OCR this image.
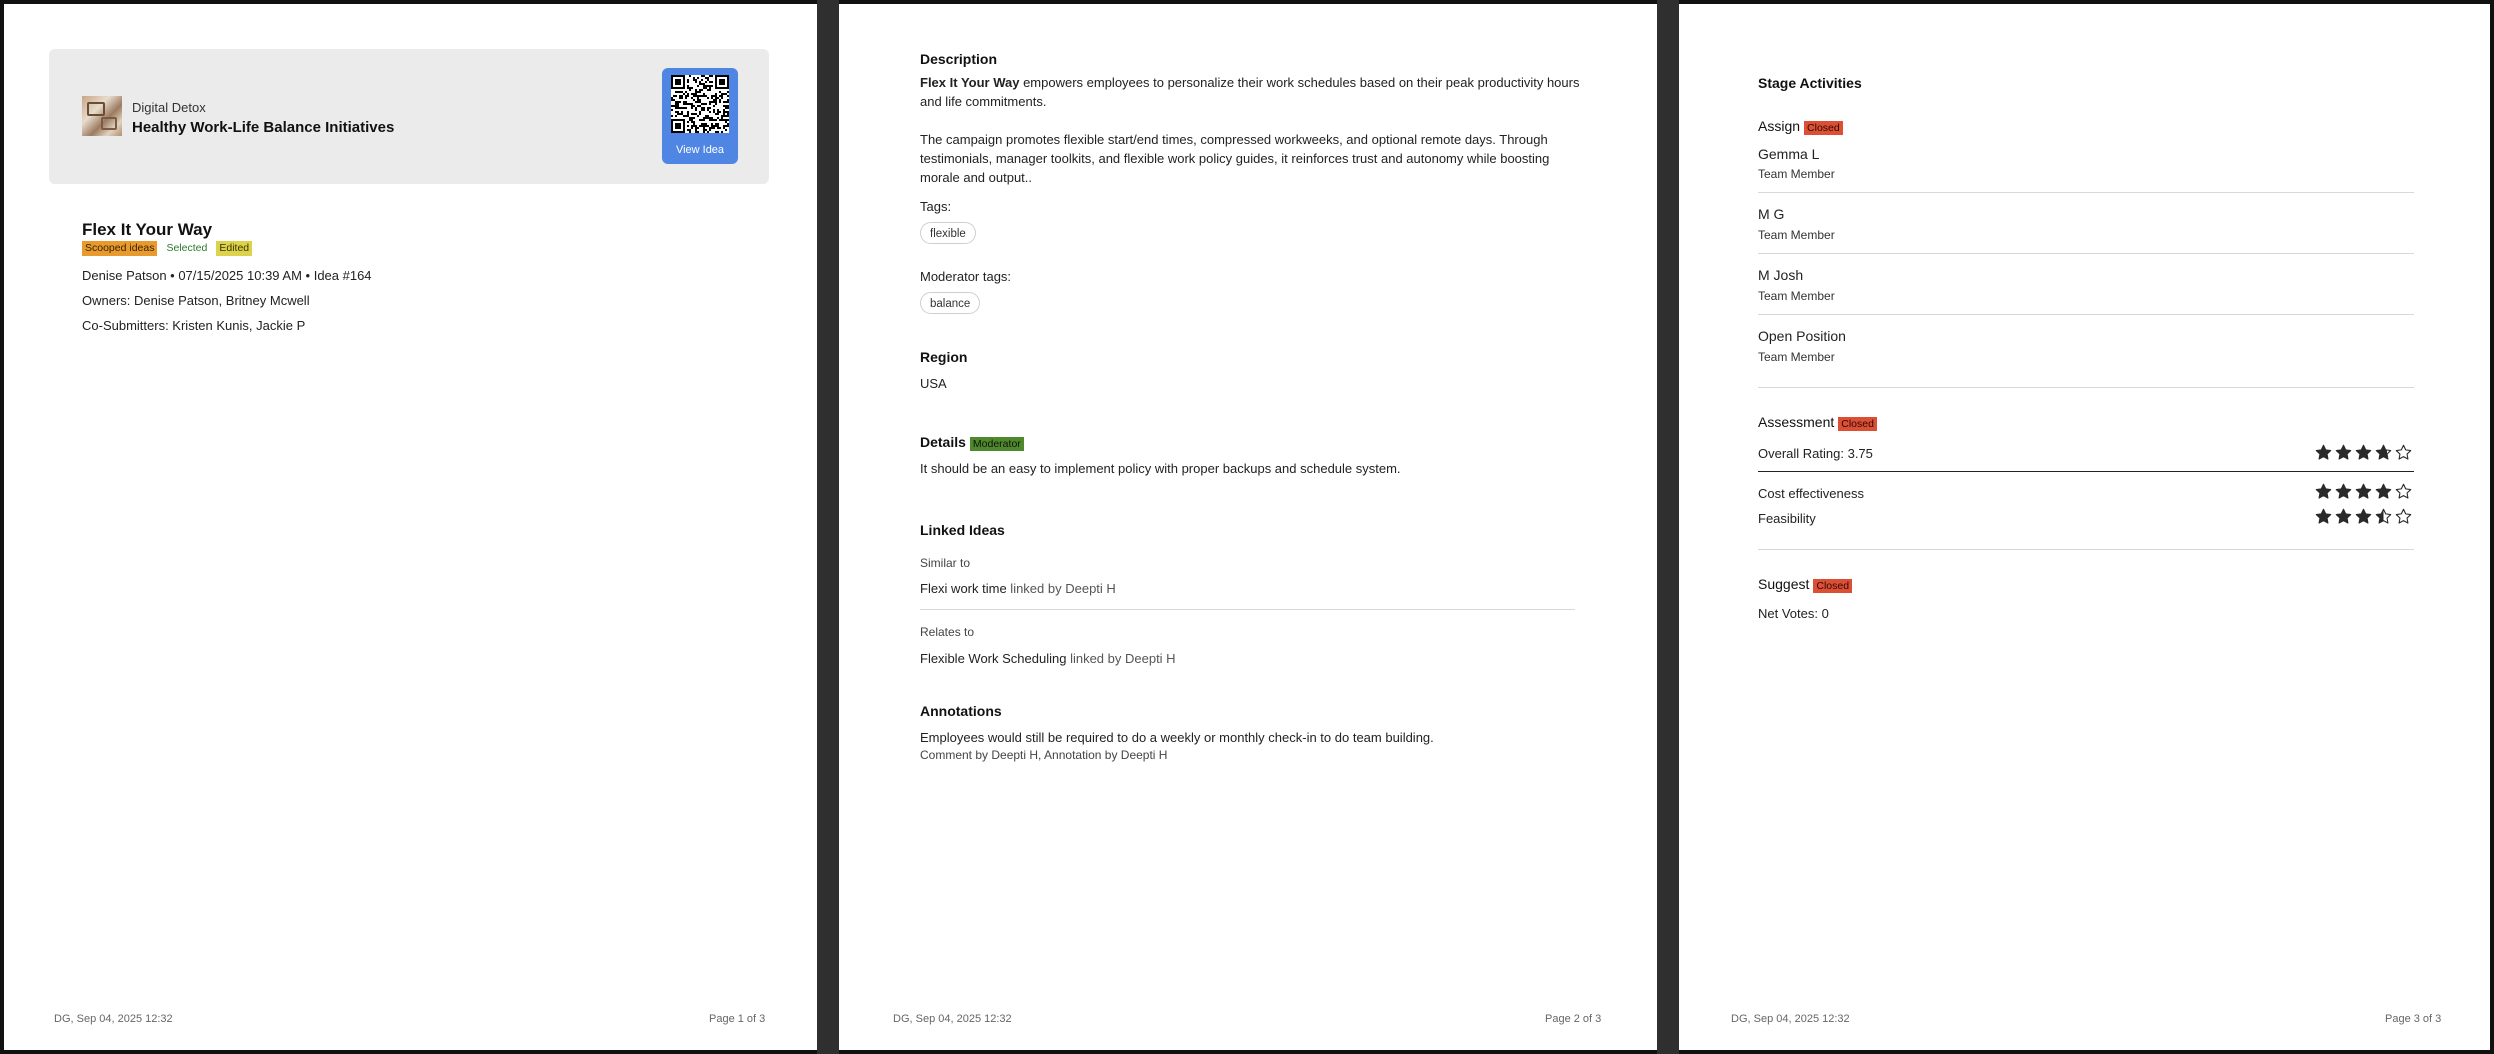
Digital Detox
Healthy Work-Life Balance Initiatives
View Idea
Flex It Your Way
Scooped ideas Selected Edited
Denise Patson • 07/15/2025 10:39 AM • Idea #164
Owners: Denise Patson, Britney Mcwell
Co-Submitters: Kristen Kunis, Jackie P
DG, Sep 04, 2025 12:32	Page 1 of 3
Description
Flex It Your Way empowers employees to personalize their work schedules based on their peak productivity hours and life commitments.
The campaign promotes flexible start/end times, compressed workweeks, and optional remote days. Through testimonials, manager toolkits, and flexible work policy guides, it reinforces trust and autonomy while boosting morale and output..
Tags:
flexible
Moderator tags:
balance
Region
USA
Details Moderator
It should be an easy to implement policy with proper backups and schedule system.
Linked Ideas
Similar to
Flexi work time linked by Deepti H
Relates to
Flexible Work Scheduling linked by Deepti H
Annotations
Employees would still be required to do a weekly or monthly check-in to do team building.
Comment by Deepti H, Annotation by Deepti H
DG, Sep 04, 2025 12:32	Page 2 of 3
Stage Activities
Assign Closed
Gemma L
Team Member
M G
Team Member
M Josh
Team Member
Open Position
Team Member
Assessment Closed
Overall Rating: 3.75
Cost effectiveness
Feasibility
Suggest Closed
Net Votes: 0
DG, Sep 04, 2025 12:32	Page 3 of 3
